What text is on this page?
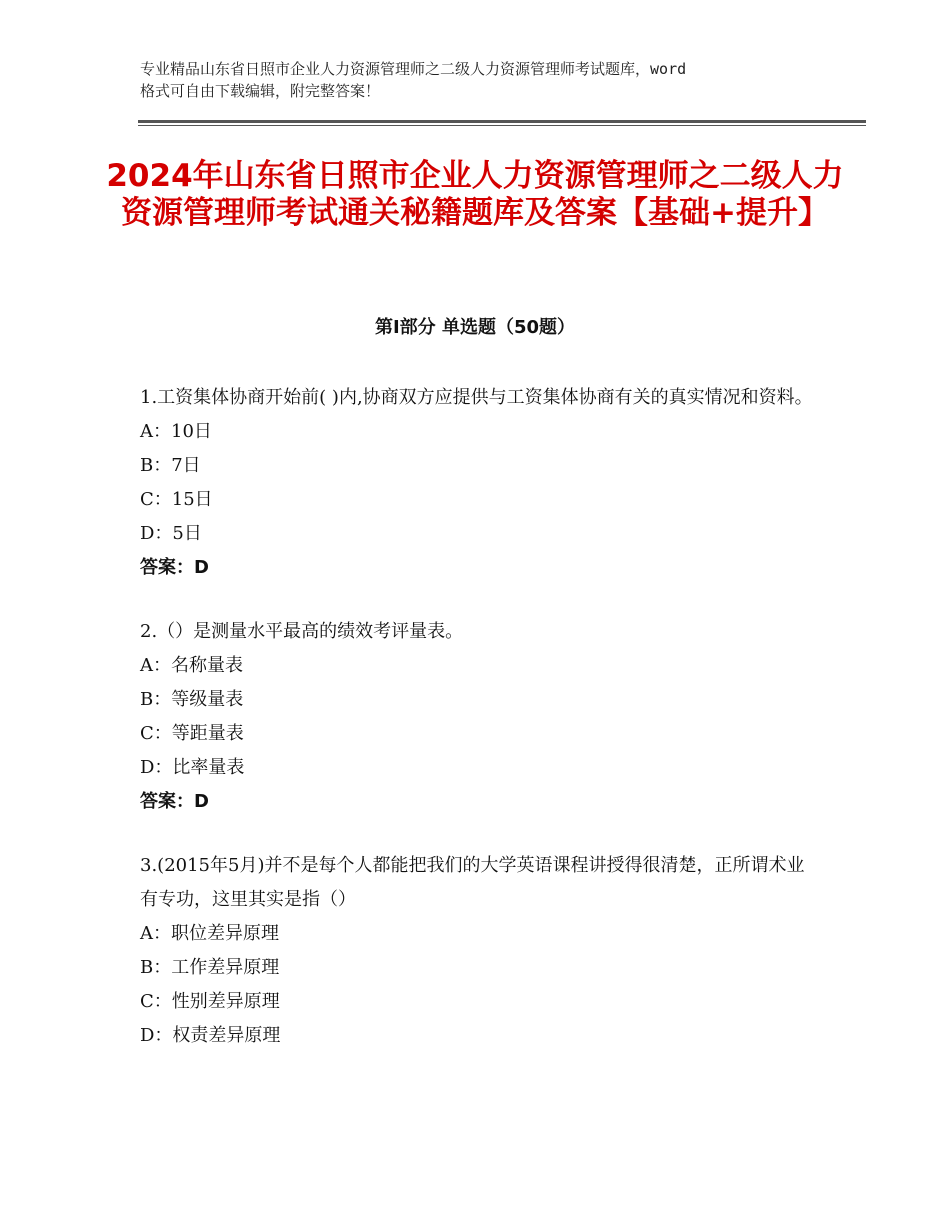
专业精品山东省日照市企业人力资源管理师之二级人力资源管理师考试题库，word
格式可自由下载编辑，附完整答案！
2024年山东省日照市企业人力资源管理师之二级人力资源管理师考试通关秘籍题库及答案【基础+提升】
第Ⅰ部分 单选题（50题）

1.工资集体协商开始前( )内,协商双方应提供与工资集体协商有关的真实情况和资料。

A：10日
B：7日
C：15日
D：5日
答案：D

2.（）是测量水平最高的绩效考评量表。

A：名称量表
B：等级量表
C：等距量表
D：比率量表
答案：D

3.(2015年5月)并不是每个人都能把我们的大学英语课程讲授得很清楚，正所谓术业有专功，这里其实是指（）

A：职位差异原理
B：工作差异原理
C：性别差异原理
D：权责差异原理
